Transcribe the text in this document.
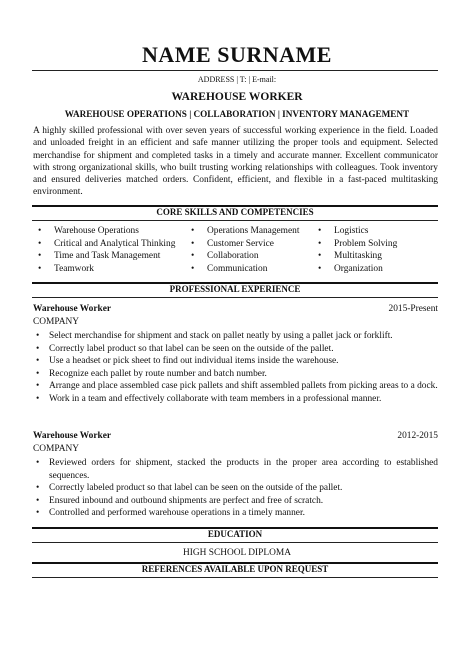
NAME SURNAME
ADDRESS | T: | E-mail:
WAREHOUSE WORKER
WAREHOUSE OPERATIONS | COLLABORATION | INVENTORY MANAGEMENT
A highly skilled professional with over seven years of successful working experience in the field. Loaded and unloaded freight in an efficient and safe manner utilizing the proper tools and equipment. Selected merchandise for shipment and completed tasks in a timely and accurate manner. Excellent communicator with strong organizational skills, who built trusting working relationships with colleagues. Took inventory and ensured deliveries matched orders. Confident, efficient, and flexible in a fast-paced multitasking environment.
CORE SKILLS AND COMPETENCIES
• Warehouse Operations
• Critical and Analytical Thinking
• Time and Task Management
• Teamwork
• Operations Management
• Customer Service
• Collaboration
• Communication
• Logistics
• Problem Solving
• Multitasking
• Organization
PROFESSIONAL EXPERIENCE
Warehouse Worker	2015-Present
COMPANY
• Select merchandise for shipment and stack on pallet neatly by using a pallet jack or forklift.
• Correctly label product so that label can be seen on the outside of the pallet.
• Use a headset or pick sheet to find out individual items inside the warehouse.
• Recognize each pallet by route number and batch number.
• Arrange and place assembled case pick pallets and shift assembled pallets from picking areas to a dock.
• Work in a team and effectively collaborate with team members in a professional manner.
Warehouse Worker	2012-2015
COMPANY
• Reviewed orders for shipment, stacked the products in the proper area according to established sequences.
• Correctly labeled product so that label can be seen on the outside of the pallet.
• Ensured inbound and outbound shipments are perfect and free of scratch.
• Controlled and performed warehouse operations in a timely manner.
EDUCATION
HIGH SCHOOL DIPLOMA
REFERENCES AVAILABLE UPON REQUEST
